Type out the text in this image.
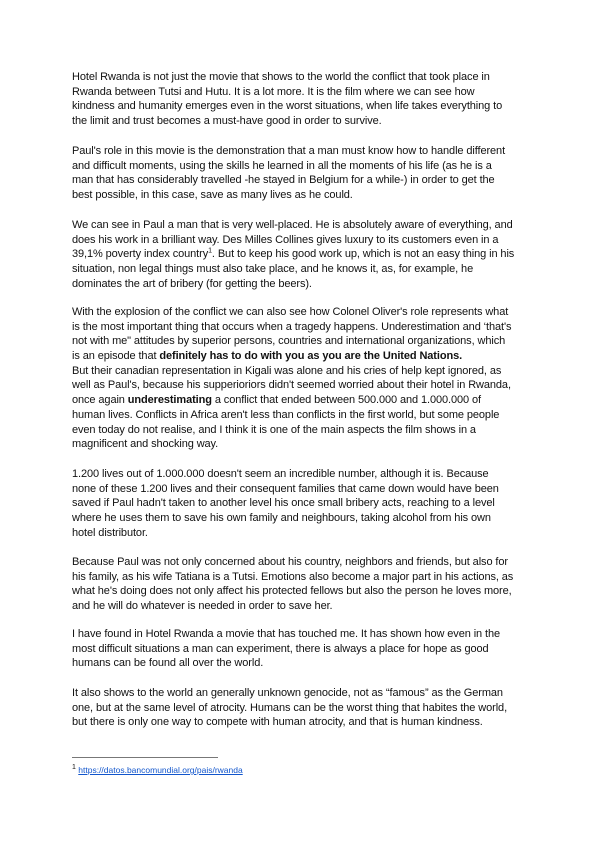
Hotel Rwanda is not just the movie that shows to the world the conflict that took place in
Rwanda between Tutsi and Hutu. It is a lot more. It is the film where we can see how
kindness and humanity emerges even in the worst situations, when life takes everything to
the limit and trust becomes a must-have good in order to survive.
Paul's role in this movie is the demonstration that a man must know how to handle different
and difficult moments, using the skills he learned in all the moments of his life (as he is a
man that has considerably travelled -he stayed in Belgium for a while-) in order to get the
best possible, in this case, save as many lives as he could.
We can see in Paul a man that is very well-placed. He is absolutely aware of everything, and
does his work in a brilliant way. Des Milles Collines gives luxury to its customers even in a
39,1% poverty index country$^1$. But to keep his good work up, which is not an easy thing in his
situation, non legal things must also take place, and he knows it, as, for example, he
dominates the art of bribery (for getting the beers).
With the explosion of the conflict we can also see how Colonel Oliver's role represents what
is the most important thing that occurs when a tragedy happens. Underestimation and ‘that's
not with me" attitudes by superior persons, countries and international organizations, which
is an episode that definitely has to do with you as you are the United Nations.
But their canadian representation in Kigali was alone and his cries of help kept ignored, as
well as Paul's, because his supperioriors didn't seemed worried about their hotel in Rwanda,
once again underestimating a conflict that ended between 500.000 and 1.000.000 of
human lives. Conflicts in Africa aren't less than conflicts in the first world, but some people
even today do not realise, and I think it is one of the main aspects the film shows in a
magnificent and shocking way.
1.200 lives out of 1.000.000 doesn't seem an incredible number, although it is. Because
none of these 1.200 lives and their consequent families that came down would have been
saved if Paul hadn't taken to another level his once small bribery acts, reaching to a level
where he uses them to save his own family and neighbours, taking alcohol from his own
hotel distributor.
Because Paul was not only concerned about his country, neighbors and friends, but also for
his family, as his wife Tatiana is a Tutsi. Emotions also become a major part in his actions, as
what he's doing does not only affect his protected fellows but also the person he loves more,
and he will do whatever is needed in order to save her.
I have found in Hotel Rwanda a movie that has touched me. It has shown how even in the
most difficult situations a man can experiment, there is always a place for hope as good
humans can be found all over the world.
It also shows to the world an generally unknown genocide, not as “famous” as the German
one, but at the same level of atrocity. Humans can be the worst thing that habites the world,
but there is only one way to compete with human atrocity, and that is human kindness.
$^1$ https://datos.bancomundial.org/pais/rwanda
